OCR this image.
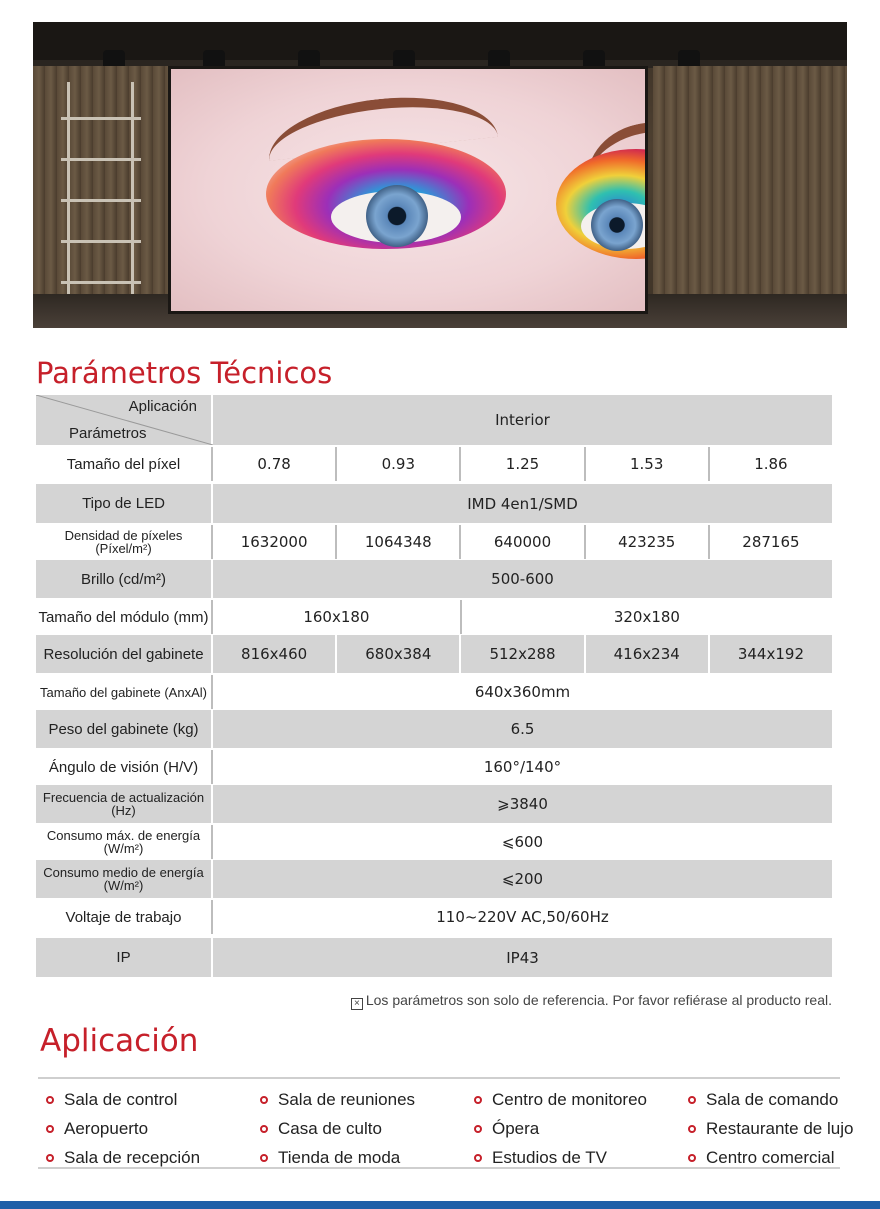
Parámetros Técnicos
Aplicación
Parámetros
Interior
Tamaño del píxel	0.78	0.93	1.25	1.53	1.86
Tipo de LED	IMD 4en1/SMD
Densidad de píxeles (Píxel/m²)	1632000	1064348	640000	423235	287165
Brillo (cd/m²)	500-600
Tamaño del módulo (mm)	160x180	320x180
Resolución del gabinete	816x460	680x384	512x288	416x234	344x192
Tamaño del gabinete (AnxAl)	640x360mm
Peso del gabinete (kg)	6.5
Ángulo de visión (H/V)	160°/140°
Frecuencia de actualización (Hz)	⩾3840
Consumo máx. de energía (W/m²)	⩽600
Consumo medio de energía (W/m²)	⩽200
Voltaje de trabajo	110~220V AC,50/60Hz
IP	IP43
× Los parámetros son solo de referencia. Por favor refiérase al producto real.
Aplicación
Sala de control
Aeropuerto
Sala de recepción
Sala de reuniones
Casa de culto
Tienda de moda
Centro de monitoreo
Ópera
Estudios de TV
Sala de comando
Restaurante de lujo
Centro comercial
